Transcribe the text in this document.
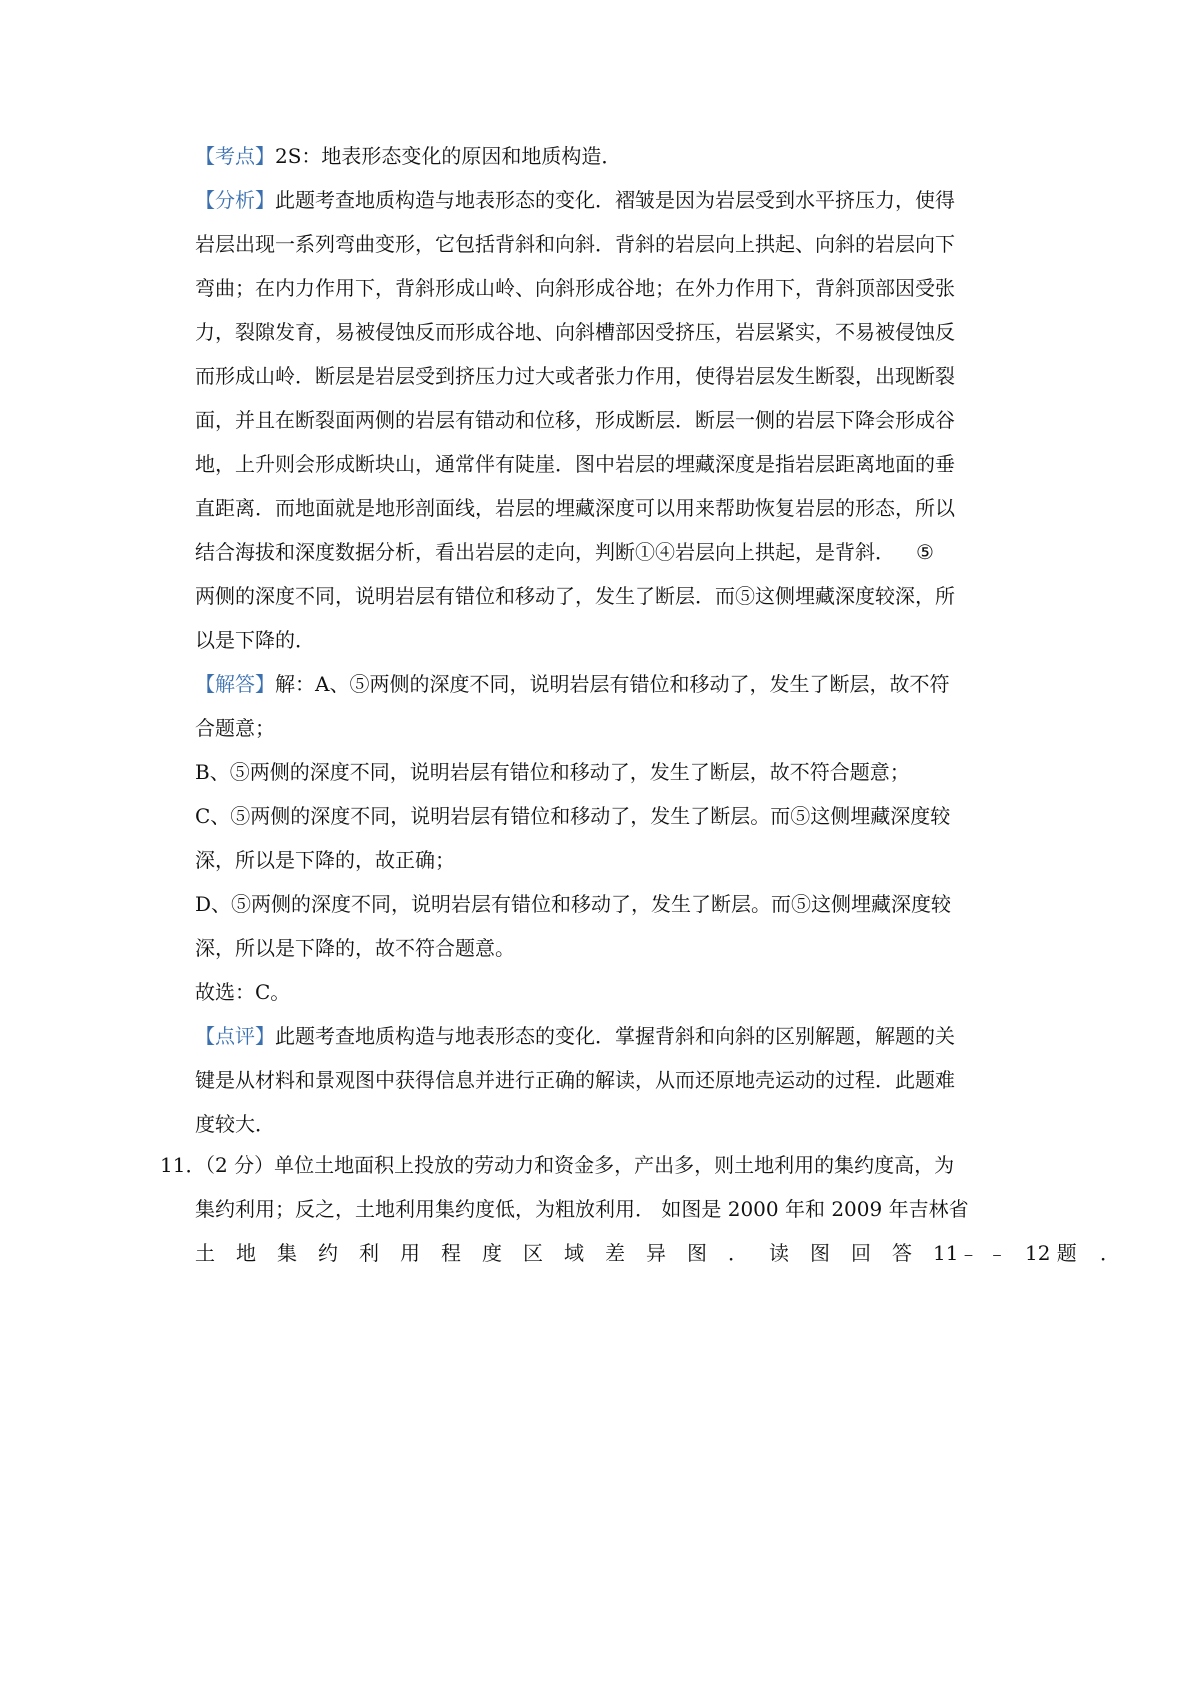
【考点】2S：地表形态变化的原因和地质构造．
【分析】此题考查地质构造与地表形态的变化．褶皱是因为岩层受到水平挤压力，使得
岩层出现一系列弯曲变形，它包括背斜和向斜．背斜的岩层向上拱起、向斜的岩层向下
弯曲；在内力作用下，背斜形成山岭、向斜形成谷地；在外力作用下，背斜顶部因受张
力，裂隙发育，易被侵蚀反而形成谷地、向斜槽部因受挤压，岩层紧实，不易被侵蚀反
而形成山岭．断层是岩层受到挤压力过大或者张力作用，使得岩层发生断裂，出现断裂
面，并且在断裂面两侧的岩层有错动和位移，形成断层．断层一侧的岩层下降会形成谷
地，上升则会形成断块山，通常伴有陡崖．图中岩层的埋藏深度是指岩层距离地面的垂
直距离．而地面就是地形剖面线，岩层的埋藏深度可以用来帮助恢复岩层的形态，所以
结合海拔和深度数据分析，看出岩层的走向，判断①④岩层向上拱起，是背斜． ⑤
两侧的深度不同，说明岩层有错位和移动了，发生了断层．而⑤这侧埋藏深度较深，所
以是下降的．
【解答】解：A、⑤两侧的深度不同，说明岩层有错位和移动了，发生了断层，故不符
合题意；
B、⑤两侧的深度不同，说明岩层有错位和移动了，发生了断层，故不符合题意；
C、⑤两侧的深度不同，说明岩层有错位和移动了，发生了断层。而⑤这侧埋藏深度较
深，所以是下降的，故正确；
D、⑤两侧的深度不同，说明岩层有错位和移动了，发生了断层。而⑤这侧埋藏深度较
深，所以是下降的，故不符合题意。
故选：C。
【点评】此题考查地质构造与地表形态的变化．掌握背斜和向斜的区别解题，解题的关
键是从材料和景观图中获得信息并进行正确的解读，从而还原地壳运动的过程．此题难
度较大．
11．
（2 分）单位土地面积上投放的劳动力和资金多，产出多，则土地利用的集约度高，为
集约利用；反之，土地利用集约度低，为粗放利用． 如图是 2000 年和 2009 年吉林省
土 地 集 约 利 用 程 度 区 域 差 异 图 ． 读 图 回 答 11﹣ ﹣ 12 题 ．
